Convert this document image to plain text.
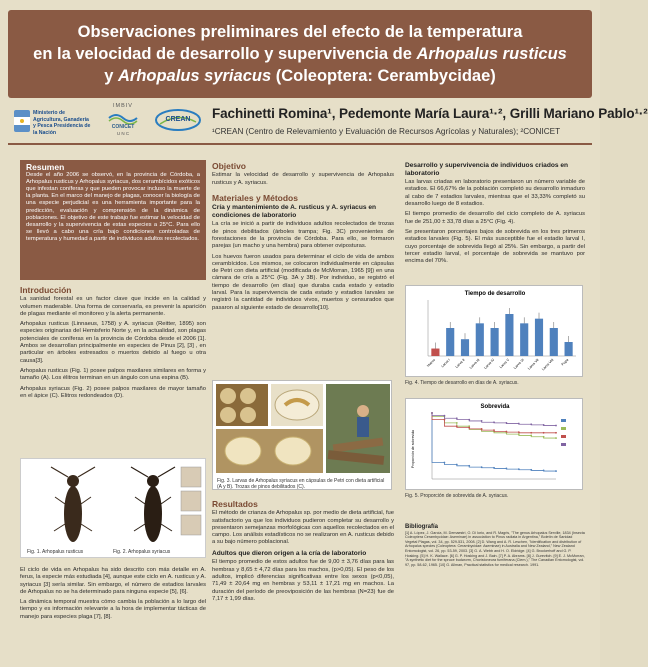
Observaciones preliminares del efecto de la temperatura
en la velocidad de desarrollo y supervivencia de Arhopalus rusticus
y Arhopalus syriacus (Coleoptera: Cerambycidae)
Ministerio de Agricultura, Ganadería y Pesca Presidencia de la Nación
IMBIV
CONICET
U N C
CREAN	Fachinetti Romina¹, Pedemonte María Laura¹·², Grilli Mariano Pablo¹·²
¹CREAN (Centro de Relevamiento y Evaluación de Recursos Agrícolas y Naturales); ²CONICET
Resumen

Desde el año 2006 se observó, en la provincia de Córdoba, a Arhopalus rusticus y Arhopalus syriacus, dos cerambícidos exóticos que infestan coníferas y que pueden provocar incluso la muerte de la planta. En el marco del manejo de plagas, conocer la biología de una especie perjudicial es una herramienta importante para la predicción, evaluación y comprensión de la dinámica de poblaciones. El objetivo de este trabajo fue estimar la velocidad de desarrollo y la supervivencia de estas especies a 25°C. Para ello se llevó a cabo una cría bajo condiciones controladas de temperatura y humedad a partir de individuos adultos recolectados.

Introducción

La sanidad forestal es un factor clave que incide en la calidad y volumen maderable. Una forma de conservarla, es prevenir la aparición de plagas mediante el monitoreo y la alerta permanente.

Arhopalus rusticus (Linnaeus, 1758) y A. syriacus (Reitter, 1895) son especies originarias del Hemisferio Norte y, en la actualidad, son plagas potenciales de coníferas en la provincia de Córdoba desde el 2006 [1]. Ambos se desarrollan principalmente en especies de Pinus [2], [3] , en particular en árboles estresados o muertos debido al fuego u otra causa[3].

Arhopalus rusticus (Fig. 1) posee palpos maxilares similares en forma y tamaño (A). Los élitros terminan en un ángulo con una espina (B).

Arhopalus syriacus (Fig. 2) posee palpos maxilares de mayor tamaño en el ápice (C). Elitros redondeados (D).

Fig. 1. Arhopalus rusticus	Fig. 2. Arhopalus syriacus

El ciclo de vida en Arhopalus ha sido descrito con más detalle en A. ferus, la especie más estudiada [4], aunque este ciclo en A. rusticus y A. syriacus [3] sería similar. Sin embargo, el número de estadios larvales de Arhopalus no se ha determinado para ninguna especie [5], [6].

La dinámica temporal muestra cómo cambia la población a lo largo del tiempo y es información relevante a la hora de implementar tácticas de manejo para especies plaga [7], [8].

Objetivo

Estimar la velocidad de desarrollo y supervivencia de Arhopalus rusticus y A. syriacus.

Materiales y Métodos
Cría y mantenimiento de A. rusticus y A. syriacus en condiciones de laboratorio

La cría se inició a partir de individuos adultos recolectados de trozas de pinos debilitados (árboles trampa; Fig. 3C) provenientes de forestaciones de la provincia de Córdoba. Para ello, se formaron parejas (un macho y una hembra) para obtener oviposturas.

Los huevos fueron usados para determinar el ciclo de vida de ambos cerambícidos. Los mismos, se colocaron individualmente en cápsulas de Petri con dieta artificial (modificada de McMorran, 1965 [9]) en una cámara de cría a 25°C (Fig. 3A y 3B). Por individuo, se registró el tiempo de desarrollo (en días) que duraba cada estado y estadio larval. Para la supervivencia de cada estado y estadios larvales se registró la cantidad de individuos vivos, muertos y censurados que pasaron al siguiente estado de desarrollo[10].

Fig. 3. Larvas de Arhopalus syriacus en cápsulas de Petri con dieta artificial (A y B). Trozas de pinos debilitados (C).
Resultados

El método de crianza de Arhopalus sp. por medio de dieta artificial, fue satisfactorio ya que los individuos pudieron completar su desarrollo y presentaron semejanzas morfológicas con aquellos recolectados en el campo. Los análisis estadísticos no se realizaron en A. rusticus debido a su bajo número poblacional.

Adultos que dieron origen a la cría de laboratorio

El tiempo promedio de estos adultos fue de 9,00 ± 3,76 días para las hembras y 8,65 ± 4,72 días para los machos, (p>0,05). El peso de los adultos, implicó diferencias significativas entre los sexos (p<0,05), 71,49 ± 20,64 mg en hembras y 53,11 ± 17,21 mg en machos. La duración del período de preoviposición de las hembras (N=23) fue de 7,17 ± 1,99 días.

Desarrollo y supervivencia de individuos criados en laboratorio

Las larvas criadas en laboratorio presentaron un número variable de estadios. El 66,67% de la población completó su desarrollo inmaduro al cabo de 7 estadios larvales, mientras que el 33,33% completó su desarrollo luego de 8 estadios.

El tiempo promedio de desarrollo del ciclo completo de A. syriacus fue de 251,00 ± 33,78 días a 25°C (Fig. 4).

Se presentaron porcentajes bajos de sobrevida en los tres primeros estadios larvales (Fig. 5). El más susceptible fue el estadio larval I, cuyo porcentaje de sobrevida llegó al 25%. Sin embargo, a partir del tercer estadio larval, el porcentaje de sobrevida se mantuvo por encima del 70%.

Tiempo de desarrollo
Huevo Larva I Larva II Larva III Larva IV Larva V Larva VI Larva VII Larva VIII Pupa
Fig. 4. Tiempo de desarrollo en días de A. syriacus.
Sobrevida
Proporción de sobrevida
Fig. 5. Proporción de sobrevida de A. syriacus.
Bibliografía
[1] A. López, J. García, M. Demaestri, O. Di Iorio, and R. Magris, "The genus Arhopalus Serville, 1834 (Insecta Coleoptera Cerambycidae: Aseminae) in association to Pinus radiata in Argentina," Boletín de Sanidad Vegetal Plagas, vol. 34, pp. 529-531, 2008. [2] D. Wang and A. R. Leschen, "Identification and distribution of Arhopalus species (Coleoptera: Cerambycidae: Aseminae) in Australia and New Zealand," New Zealand Entomologist, vol. 26, pp. 53-59, 2003. [3] G. A. Webb and H. O. Eldridge. [4] G. Brockerhoff and G. P. Hosking. [5] H. K. Wallace. [6] G. P. Hosking and J. Bain. [7] P. A. Abrams. [8] J. Gurevitch. [9] E. J. McMorran, "A synthetic diet for the spruce budworm, Choristoneura fumiferana (Clem.)," The Canadian Entomologist, vol. 97, pp. 58-62, 1965. [10] G. Allman, Practical statistics for medical research. 1991.
